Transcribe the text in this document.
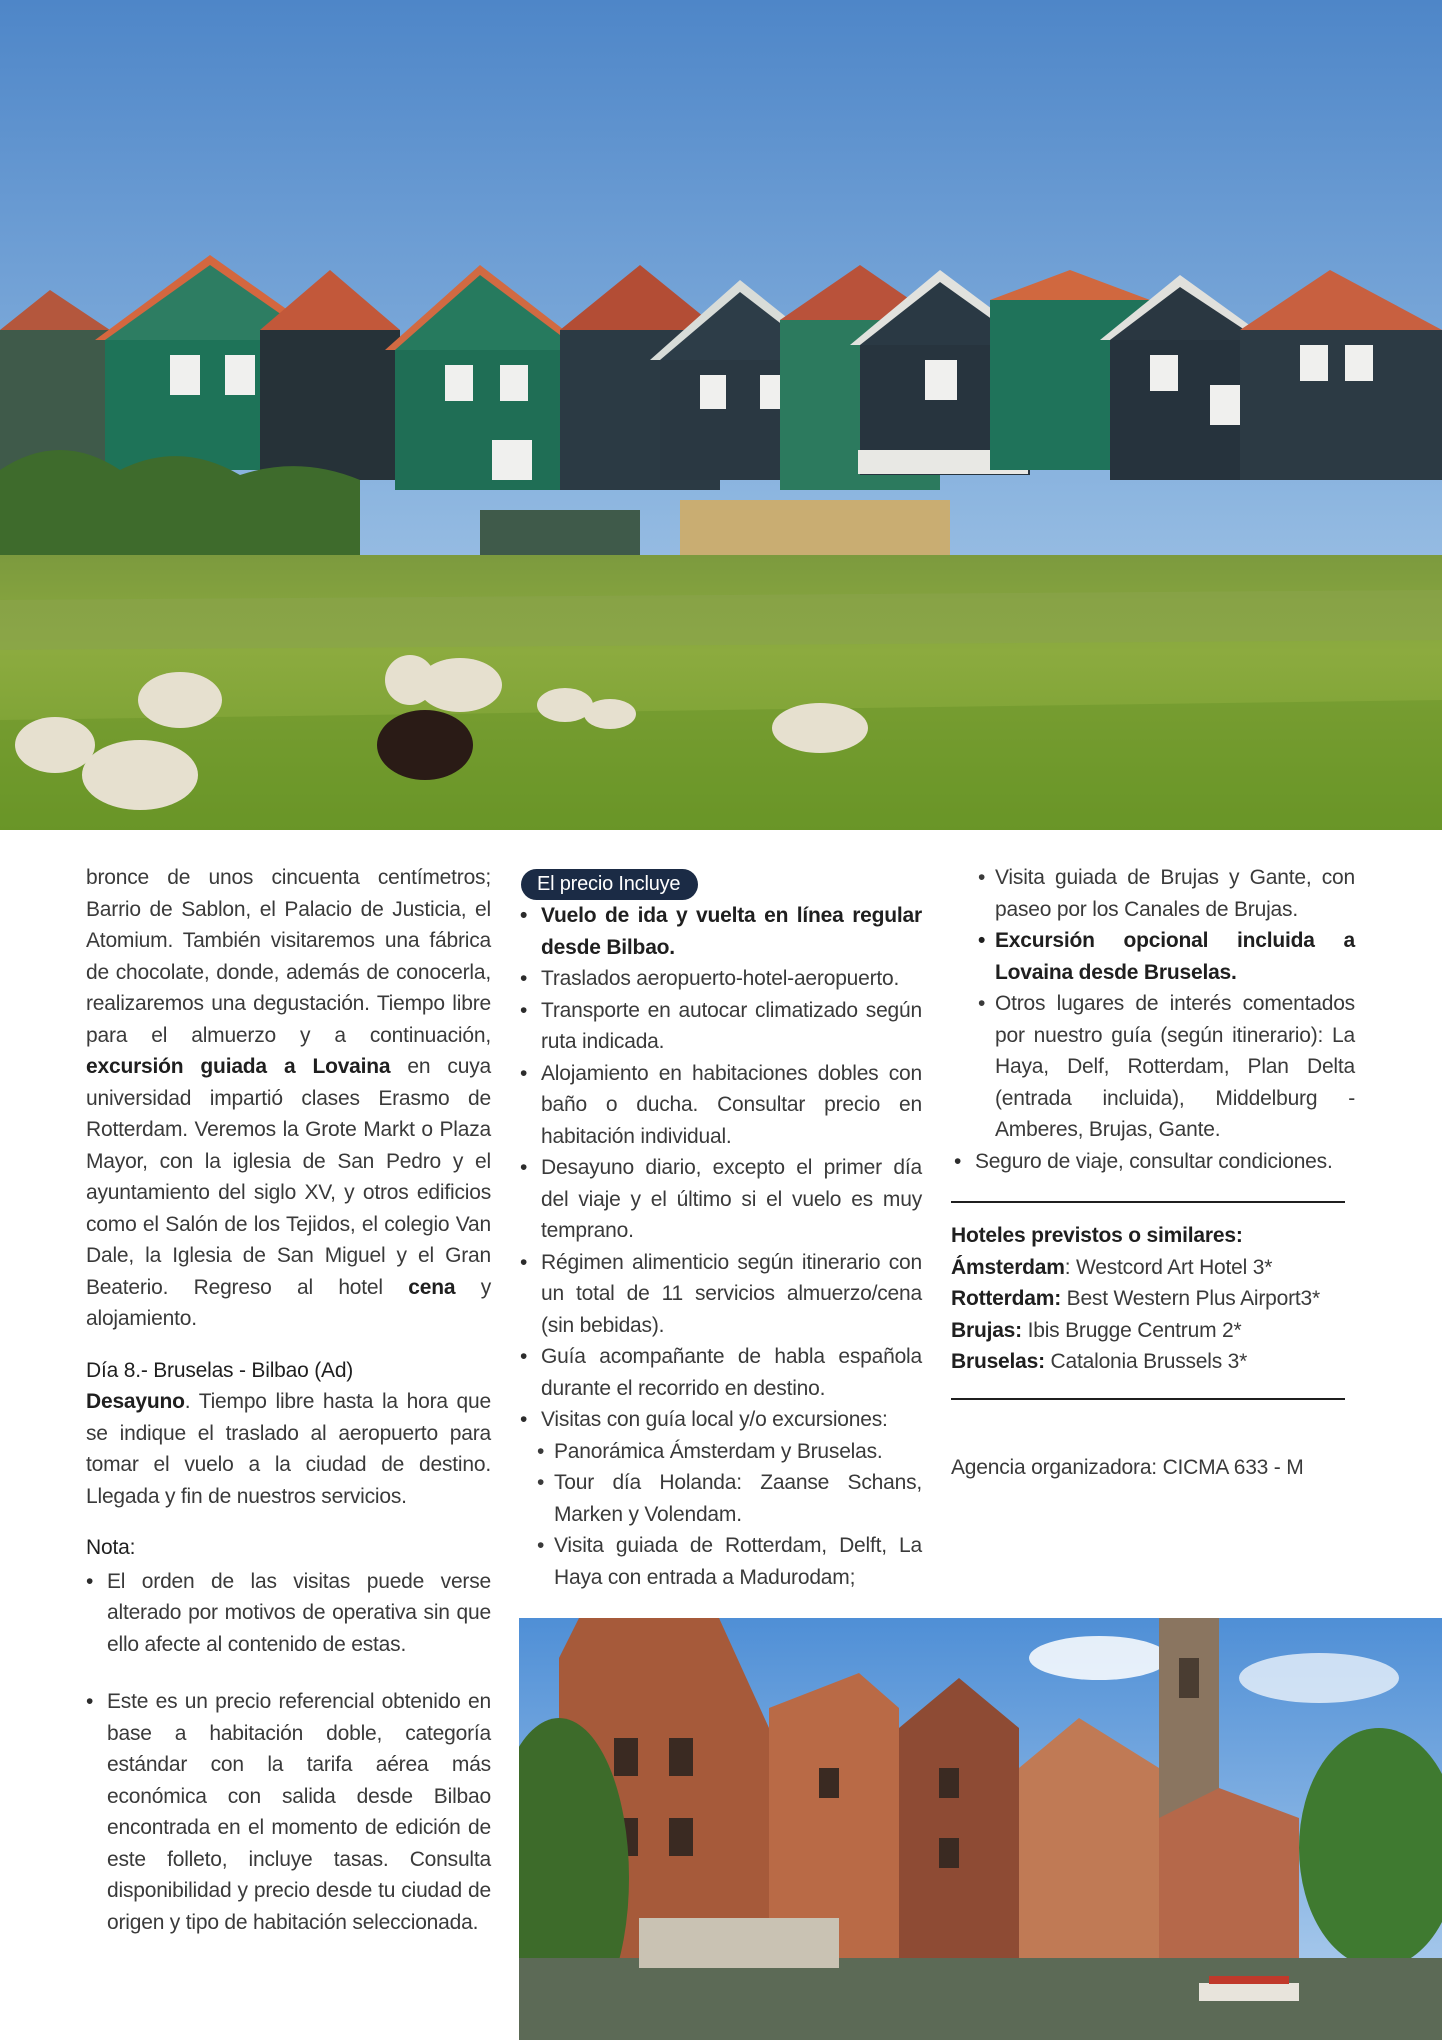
bronce de unos cincuenta centímetros; Barrio de Sablon, el Palacio de Justicia, el Atomium. También visitaremos una fábrica de chocolate, donde, además de conocerla, realizaremos una degustación. Tiempo libre para el almuerzo y a continuación, excursión guiada a Lovaina en cuya universidad impartió clases Erasmo de Rotterdam. Veremos la Grote Markt o Plaza Mayor, con la iglesia de San Pedro y el ayuntamiento del siglo XV, y otros edificios como el Salón de los Tejidos, el colegio Van Dale, la Iglesia de San Miguel y el Gran Beaterio. Regreso al hotel cena y alojamiento.

Día 8.- Bruselas - Bilbao (Ad)

Desayuno. Tiempo libre hasta la hora que se indique el traslado al aeropuerto para tomar el vuelo a la ciudad de destino. Llegada y fin de nuestros servicios.

Nota:

• El orden de las visitas puede verse alterado por motivos de operativa sin que ello afecte al contenido de estas.
• Este es un precio referencial obtenido en base a habitación doble, categoría estándar con la tarifa aérea más económica con salida desde Bilbao encontrada en el momento de edición de este folleto, incluye tasas. Consulta disponibilidad y precio desde tu ciudad de origen y tipo de habitación seleccionada.
El precio Incluye
• Vuelo de ida y vuelta en línea regular desde Bilbao.
• Traslados aeropuerto-hotel-aeropuerto.
• Transporte en autocar climatizado según ruta indicada.
• Alojamiento en habitaciones dobles con baño o ducha. Consultar precio en habitación individual.
• Desayuno diario, excepto el primer día del viaje y el último si el vuelo es muy temprano.
• Régimen alimenticio según itinerario con un total de 11 servicios almuerzo/cena (sin bebidas).
• Guía acompañante de habla española durante el recorrido en destino.
• Visitas con guía local y/o excursiones:
• Panorámica Ámsterdam y Bruselas.
• Tour día Holanda: Zaanse Schans, Marken y Volendam.
• Visita guiada de Rotterdam, Delft, La Haya con entrada a Madurodam;
• Visita guiada de Brujas y Gante, con paseo por los Canales de Brujas.
• Excursión opcional incluida a Lovaina desde Bruselas.
• Otros lugares de interés comentados por nuestro guía (según itinerario): La Haya, Delf, Rotterdam, Plan Delta (entrada incluida), Middelburg - Amberes, Brujas, Gante.
• Seguro de viaje, consultar condiciones.

Hoteles previstos o similares:

Ámsterdam: Westcord Art Hotel 3*

Rotterdam: Best Western Plus Airport3*

Brujas: Ibis Brugge Centrum 2*

Bruselas: Catalonia Brussels 3*

Agencia organizadora: CICMA 633 - M
